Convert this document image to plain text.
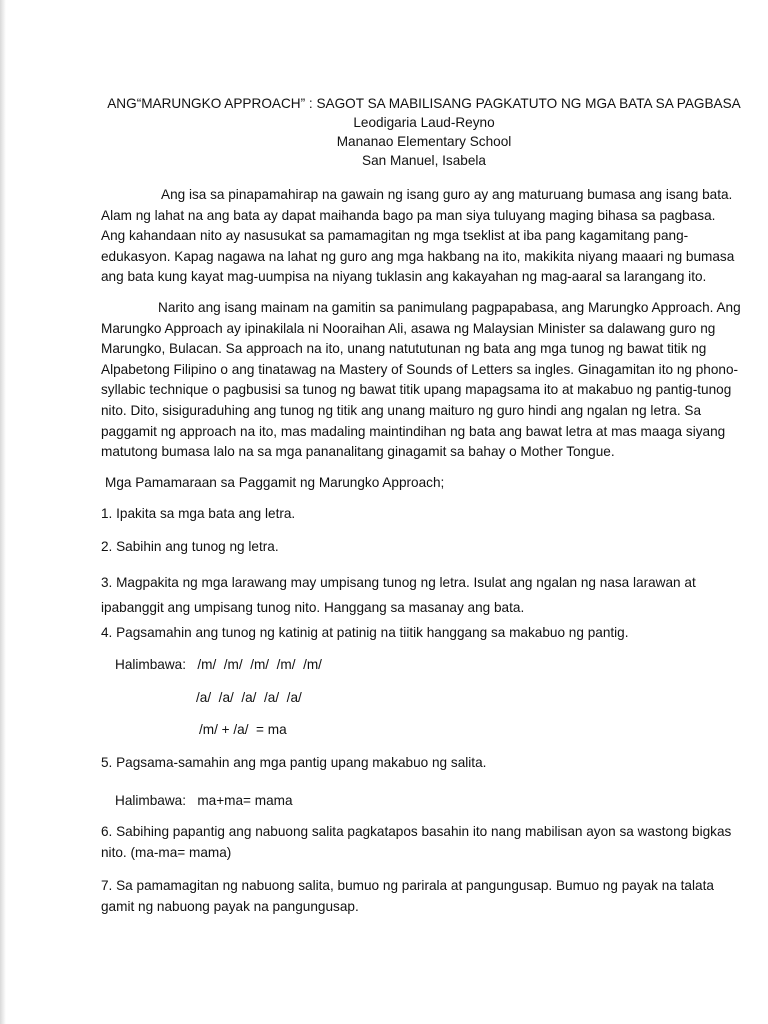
ANG“MARUNGKO APPROACH” : SAGOT SA MABILISANG PAGKATUTO NG MGA BATA SA PAGBASA
Leodigaria Laud-Reyno
Mananao Elementary School
San Manuel, Isabela

Ang isa sa pinapamahirap na gawain ng isang guro ay ang maturuang bumasa ang isang bata. Alam ng lahat na ang bata ay dapat maihanda bago pa man siya tuluyang maging bihasa sa pagbasa. Ang kahandaan nito ay nasusukat sa pamamagitan ng mga tseklist at iba pang kagamitang pang-edukasyon. Kapag nagawa na lahat ng guro ang mga hakbang na ito, makikita niyang maaari ng bumasa ang bata kung kayat mag-uumpisa na niyang tuklasin ang kakayahan ng mag-aaral sa larangang ito.

Narito ang isang mainam na gamitin sa panimulang pagpapabasa, ang Marungko Approach. Ang Marungko Approach ay ipinakilala ni Nooraihan Ali, asawa ng Malaysian Minister sa dalawang guro ng Marungko, Bulacan. Sa approach na ito, unang natututunan ng bata ang mga tunog ng bawat titik ng Alpabetong Filipino o ang tinatawag na Mastery of Sounds of Letters sa ingles. Ginagamitan ito ng phono-syllabic technique o pagbusisi sa tunog ng bawat titik upang mapagsama ito at makabuo ng pantig-tunog nito. Dito, sisiguraduhing ang tunog ng titik ang unang maituro ng guro hindi ang ngalan ng letra. Sa paggamit ng approach na ito, mas madaling maintindihan ng bata ang bawat letra at mas maaga siyang matutong bumasa lalo na sa mga pananalitang ginagamit sa bahay o Mother Tongue.

Mga Pamamaraan sa Paggamit ng Marungko Approach;

1. Ipakita sa mga bata ang letra.

2. Sabihin ang tunog ng letra.

3. Magpakita ng mga larawang may umpisang tunog ng letra. Isulat ang ngalan ng nasa larawan at ipabanggit ang umpisang tunog nito. Hanggang sa masanay ang bata.

4. Pagsamahin ang tunog ng katinig at patinig na tiitik hanggang sa makabuo ng pantig.

Halimbawa:   /m/  /m/  /m/  /m/  /m/
/a/  /a/  /a/  /a/  /a/
/m/ + /a/  = ma

5. Pagsama-samahin ang mga pantig upang makabuo ng salita.

Halimbawa:   ma+ma= mama

6. Sabihing papantig ang nabuong salita pagkatapos basahin ito nang mabilisan ayon sa wastong bigkas nito. (ma-ma= mama)

7. Sa pamamagitan ng nabuong salita, bumuo ng parirala at pangungusap. Bumuo ng payak na talata gamit ng nabuong payak na pangungusap.
